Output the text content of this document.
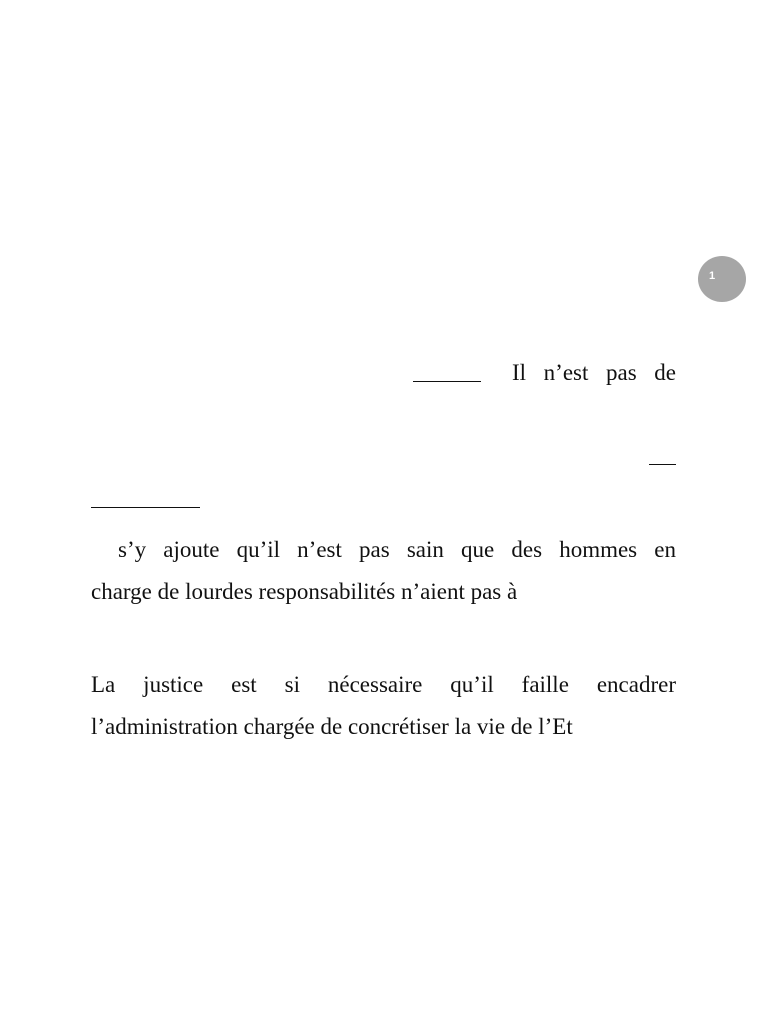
1
Il n’est pas de
s’y ajoute qu’il n’est pas sain que des hommes en
charge de lourdes responsabilités n’aient pas à
La justice est si nécessaire qu’il faille encadrer
l’administration chargée de concrétiser la vie de l’Et
